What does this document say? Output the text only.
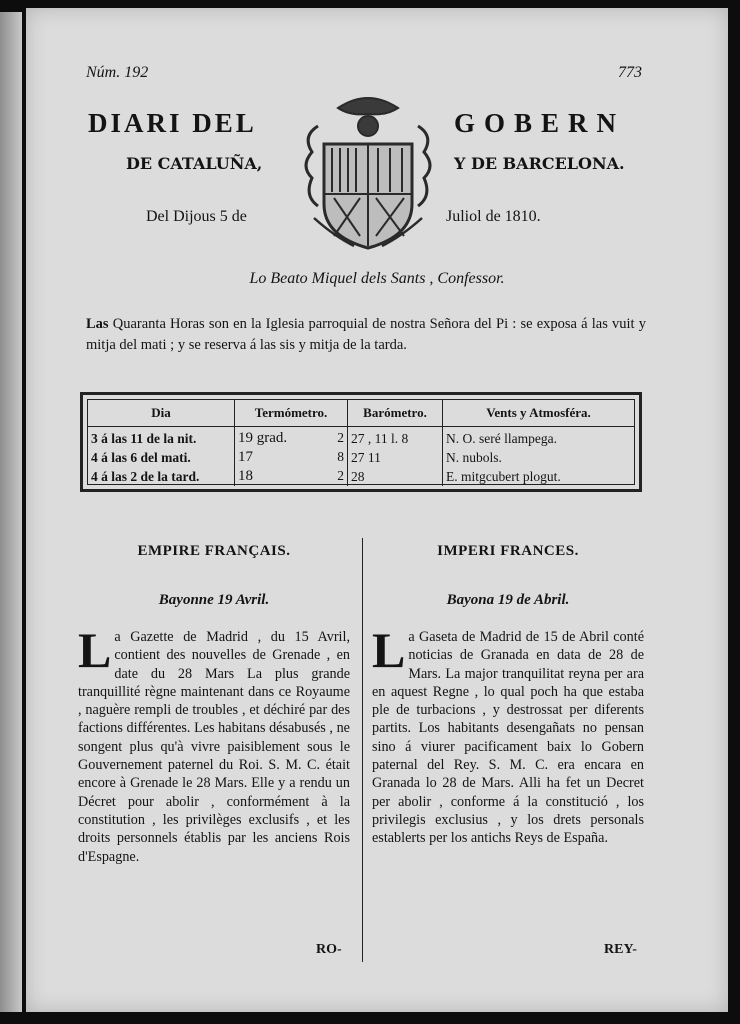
Núm. 192	773
DIARI DEL	GOBERN
DE CATALUÑA,	Y DE BARCELONA.
Del Dijous 5 de	Juliol de 1810.
Lo Beato Miquel dels Sants , Confessor.
Las Quaranta Horas son en la Iglesia parroquial de nostra Señora del Pi : se exposa á las vuit y mitja del mati ; y se reserva á las sis y mitja de la tarda.
Dia	Termómetro.	Barómetro.	Vents y Atmosféra.
3 á las 11 de la nit.	19 grad. 2	27 , 11 l. 8	N. O. seré llampega.
4 á las 6 del mati.	17 8	27 11	N. nubols.
4 á las 2 de la tard.	18 2	28	E. mitgcubert plogut.
EMPIRE FRANÇAIS.
Bayonne 19 Avril.
La Gazette de Madrid , du 15 Avril, contient des nouvelles de Grenade , en date du 28 Mars La plus grande tranquillité règne maintenant dans ce Royaume , naguère rempli de troubles , et déchiré par des factions différentes. Les habitans désabusés , ne songent plus qu'à vivre paisiblement sous le Gouvernement paternel du Roi. S. M. C. était encore à Grenade le 28 Mars. Elle y a rendu un Décret pour abolir , conformément à la constitution , les privilèges exclusifs , et les droits personnels établis par les anciens Rois d'Espagne.
IMPERI FRANCES.
Bayona 19 de Abril.
La Gaseta de Madrid de 15 de Abril conté noticias de Granada en data de 28 de Mars. La major tranquilitat reyna per ara en aquest Regne , lo qual poch ha que estaba ple de turbacions , y destrossat per diferents partits. Los habitants desengañats no pensan sino á viurer pacificament baix lo Gobern paternal del Rey. S. M. C. era encara en Granada lo 28 de Mars. Alli ha fet un Decret per abolir , conforme á la constitució , los privilegis exclusius , y los drets personals establerts per los antichs Reys de España.
RO-	REY-
